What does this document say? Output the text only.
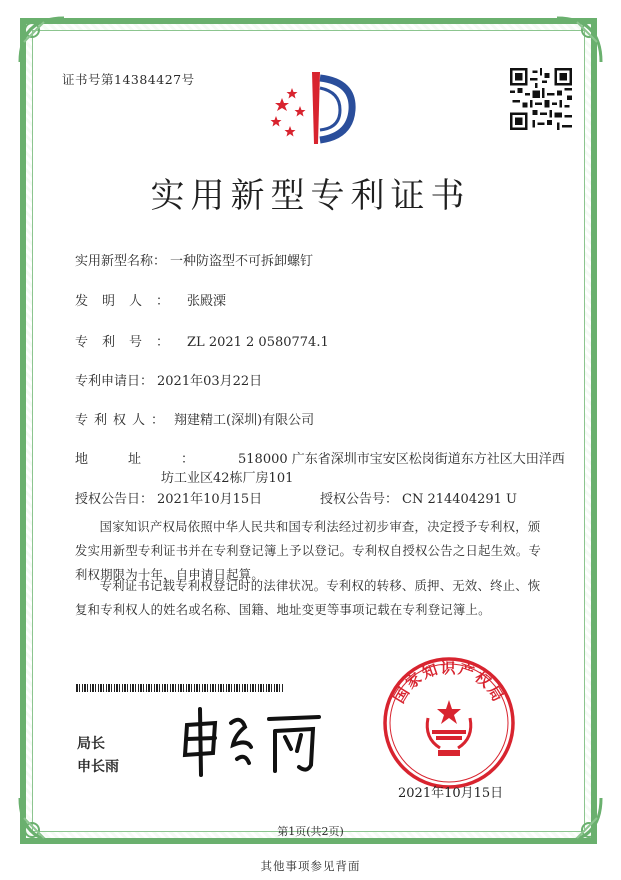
证书号第14384427号
实用新型专利证书
实用新型名称： 一种防盗型不可拆卸螺钉
发明人： 张殿溧
专利号： ZL 2021 2 0580774.1
专利申请日： 2021年03月22日
专利权人： 翔建精工(深圳)有限公司
地址： 518000 广东省深圳市宝安区松岗街道东方社区大田洋西
坊工业区42栋厂房101
授权公告日： 2021年10月15日	授权公告号： CN 214404291 U
国家知识产权局依照中华人民共和国专利法经过初步审查，决定授予专利权，颁发实用新型专利证书并在专利登记簿上予以登记。专利权自授权公告之日起生效。专利权期限为十年，自申请日起算。
专利证书记载专利权登记时的法律状况。专利权的转移、质押、无效、终止、恢复和专利权人的姓名或名称、国籍、地址变更等事项记载在专利登记簿上。
局长
申长雨
国家知识产权局
2021年10月15日
第1页(共2页)
其他事项参见背面
